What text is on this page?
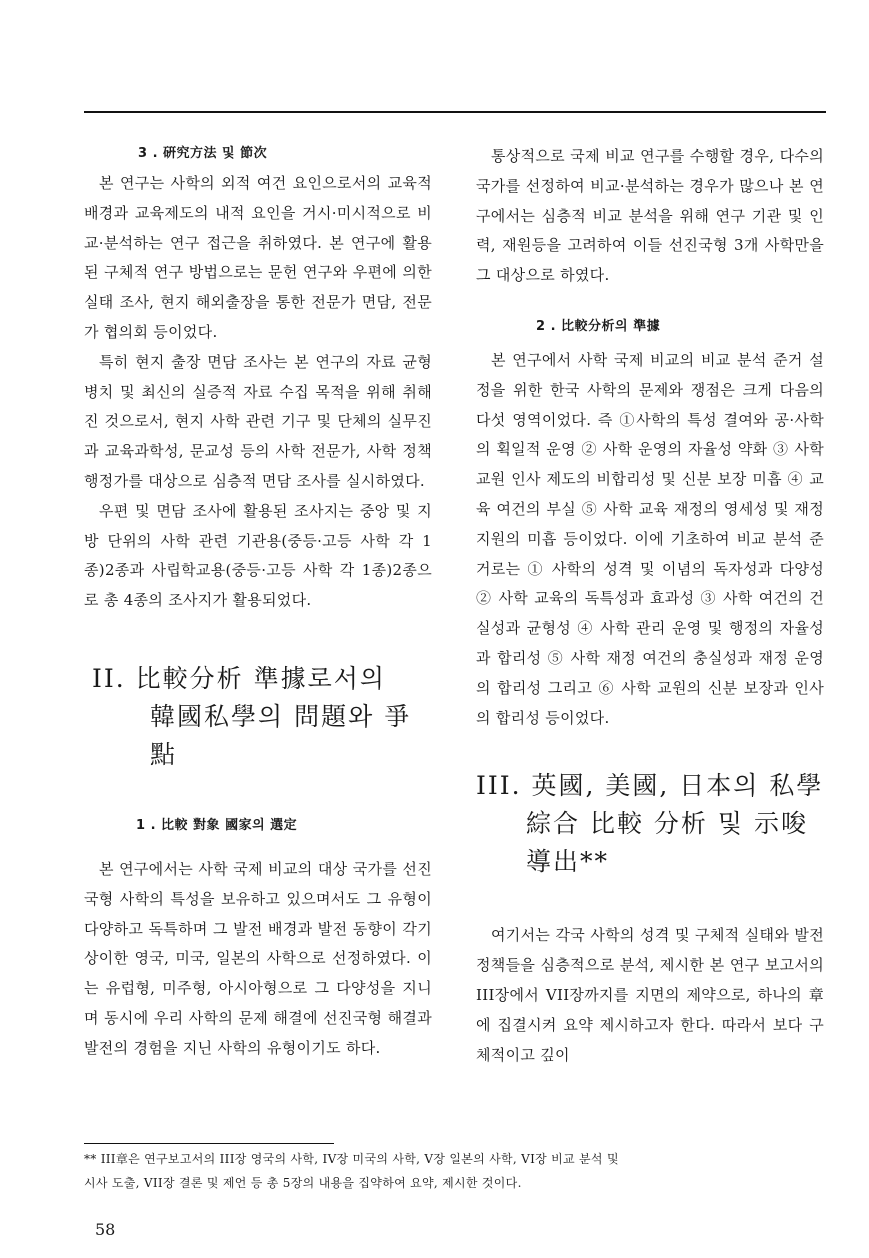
3 . 硏究方法 및 節次

본 연구는 사학의 외적 여건 요인으로서의 교육적 배경과 교육제도의 내적 요인을 거시·미시적으로 비교·분석하는 연구 접근을 취하였다. 본 연구에 활용된 구체적 연구 방법으로는 문헌 연구와 우편에 의한 실태 조사, 현지 해외출장을 통한 전문가 면담, 전문가 협의회 등이었다.

특히 현지 출장 면담 조사는 본 연구의 자료 균형 병치 및 최신의 실증적 자료 수집 목적을 위해 취해진 것으로서, 현지 사학 관련 기구 및 단체의 실무진과 교육과학성, 문교성 등의 사학 전문가, 사학 정책 행정가를 대상으로 심층적 면담 조사를 실시하였다.

우편 및 면담 조사에 활용된 조사지는 중앙 및 지방 단위의 사학 관련 기관용(중등·고등 사학 각 1종)2종과 사립학교용(중등·고등 사학 각 1종)2종으로 총 4종의 조사지가 활용되었다.

II. 比較分析 準據로서의
韓國私學의 問題와 爭點

1 . 比較 對象 國家의 選定

본 연구에서는 사학 국제 비교의 대상 국가를 선진국형 사학의 특성을 보유하고 있으며서도 그 유형이 다양하고 독특하며 그 발전 배경과 발전 동향이 각기 상이한 영국, 미국, 일본의 사학으로 선정하였다. 이는 유럽형, 미주형, 아시아형으로 그 다양성을 지니며 동시에 우리 사학의 문제 해결에 선진국형 해결과 발전의 경험을 지닌 사학의 유형이기도 하다.

통상적으로 국제 비교 연구를 수행할 경우, 다수의 국가를 선정하여 비교·분석하는 경우가 많으나 본 연구에서는 심층적 비교 분석을 위해 연구 기관 및 인력, 재원등을 고려하여 이들 선진국형 3개 사학만을 그 대상으로 하였다.

2 . 比較分析의 準據

본 연구에서 사학 국제 비교의 비교 분석 준거 설정을 위한 한국 사학의 문제와 쟁점은 크게 다음의 다섯 영역이었다. 즉 ①사학의 특성 결여와 공·사학의 획일적 운영 ② 사학 운영의 자율성 약화 ③ 사학 교원 인사 제도의 비합리성 및 신분 보장 미흡 ④ 교육 여건의 부실 ⑤ 사학 교육 재정의 영세성 및 재정 지원의 미흡 등이었다. 이에 기초하여 비교 분석 준거로는 ① 사학의 성격 및 이념의 독자성과 다양성 ② 사학 교육의 독특성과 효과성 ③ 사학 여건의 건실성과 균형성 ④ 사학 관리 운영 및 행정의 자율성과 합리성 ⑤ 사학 재정 여건의 충실성과 재정 운영의 합리성 그리고 ⑥ 사학 교원의 신분 보장과 인사의 합리성 등이었다.

III. 英國, 美國, 日本의 私學
綜合 比較 分析 및 示唆
導出**

여기서는 각국 사학의 성격 및 구체적 실태와 발전 정책들을 심층적으로 분석, 제시한 본 연구 보고서의 III장에서 VII장까지를 지면의 제약으로, 하나의 章에 집결시켜 요약 제시하고자 한다. 따라서 보다 구체적이고 깊이

** III章은 연구보고서의 III장 영국의 사학, IV장 미국의 사학, V장 일본의 사학, VI장 비교 분석 및
시사 도출, VII장 결론 및 제언 등 총 5장의 내용을 집약하여 요약, 제시한 것이다.
58
